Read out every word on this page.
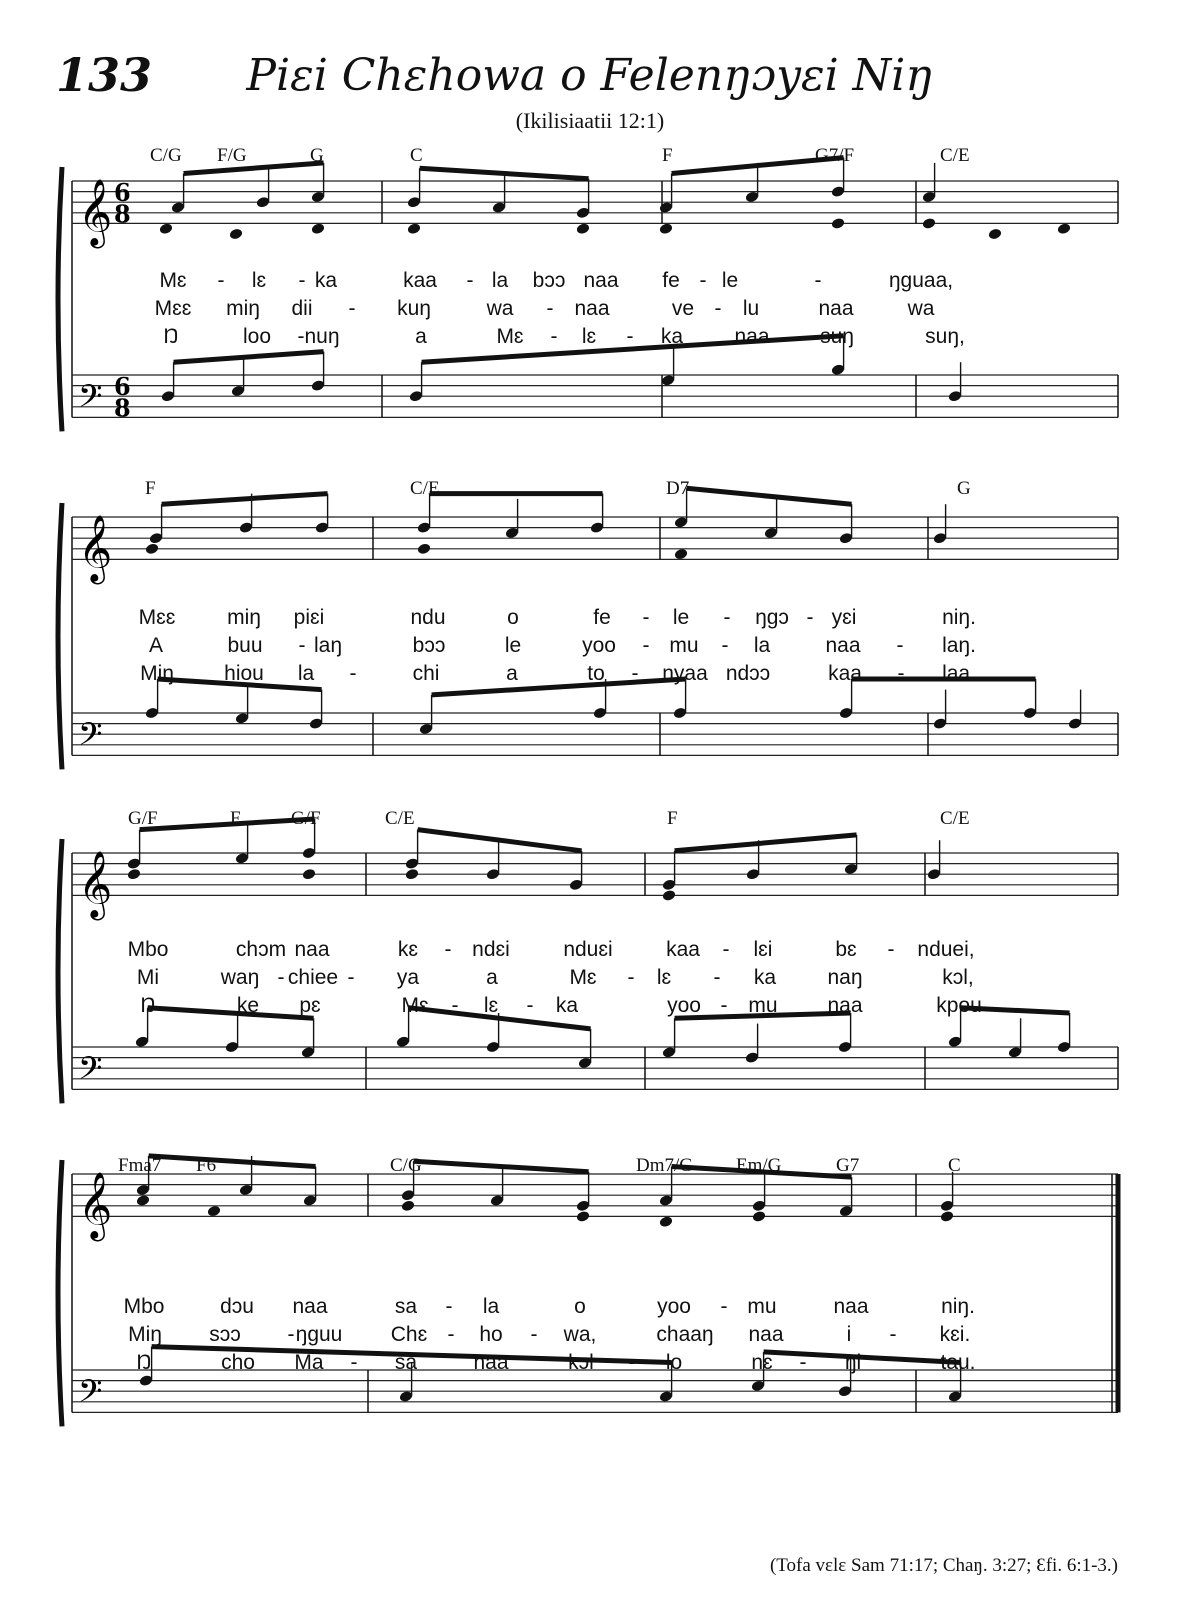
133	Piɛi Chɛhowa o Felenŋɔyɛi Niŋ
(Ikilisiaatii 12:1)
𝄞
𝄢
6
8
6
8
𝄞
𝄢
𝄞
𝄢
𝄞
𝄢
C/G F/G	G	C	F	G7/F	C/E
Mɛ - lɛ - ka	kaa - la bɔɔ naa fe - le	-	ŋguaa,
Mɛɛ miŋ dii - kuŋ	wa - naa	ve - lu	naa	wa
Ŋ	loo - nuŋ	a	Mɛ - lɛ - ka naa suŋ	suŋ,
F	C/E	D7	G
Mɛɛ miŋ piɛi	ndu	o	fe - le - ŋgɔ - yɛi	niŋ.
A	buu - laŋ	bɔɔ	le	yoo - mu - la	naa - laŋ.
Miŋ hiou la -	chi	a	to - nyaa ndɔɔ	kaa - laa.
G/F	F	G/F	C/E	F	C/E
Mbo	chɔm naa	kɛ - ndɛi	nduɛi	kaa - lɛi	bɛ - nduei,
Mi	waŋ - chiee - ya	a	Mɛ - lɛ - ka naŋ	kɔl,
Ŋ	ke pɛ	Mɛ - lɛ - ka	yoo - mu naa	kpou
Fma7 F6	C/G	Dm7/G Em/G	G7	C
Mbo	dɔu naa	sa - la	o	yoo - mu	naa	niŋ.
Miŋ sɔɔ - ŋguu Chɛ - ho - wa,	chaaŋ naa	i - kɛi.
Ŋ	cho Ma - sa	naa	kɔl - lo	nɛ - ŋi	tau.
(Tofa vɛlɛ Sam 71:17; Chaŋ. 3:27; Ɛfi. 6:1-3.)
